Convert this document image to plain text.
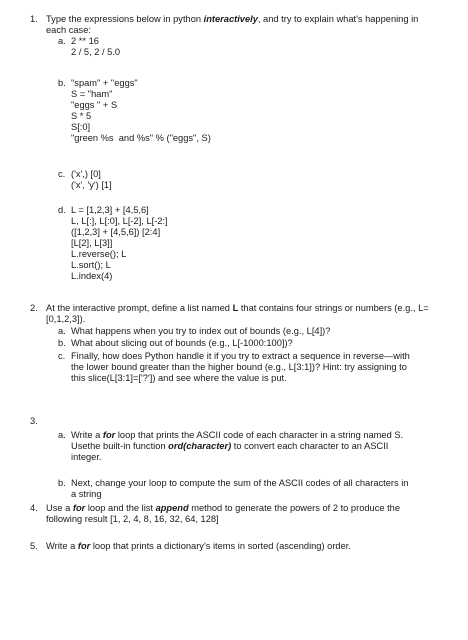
1. Type the expressions below in python interactively, and try to explain what's happening in each case:
a. 2 ** 16
2 / 5, 2 / 5.0
b. "spam" + "eggs"
S = "ham"
"eggs " + S
S * 5
S[:0]
"green %s  and %s" % ("eggs", S)
c. ('x',) [0]
('x', 'y') [1]
d. L = [1,2,3] + [4,5,6]
L, L[:], L[:0], L[-2], L[-2:]
([1,2,3] + [4,5,6]) [2:4]
[L[2], L[3]]
L.reverse(); L
L.sort(); L
L.index(4)
2. At the interactive prompt, define a list named L that contains four strings or numbers (e.g., L=[0,1,2,3]).
a. What happens when you try to index out of bounds (e.g., L[4])?
b. What about slicing out of bounds (e.g., L[-1000:100])?
c. Finally, how does Python handle it if you try to extract a sequence in reverse—with the lower bound greater than the higher bound (e.g., L[3:1])? Hint: try assigning to this slice(L[3:1]=['?']) and see where the value is put.
3.
a. Write a for loop that prints the ASCII code of each character in a string named S. Usethe built-in function ord(character) to convert each character to an ASCII integer.
b. Next, change your loop to compute the sum of the ASCII codes of all characters in a string
4. Use a for loop and the list append method to generate the powers of 2 to produce the following result [1, 2, 4, 8, 16, 32, 64, 128]
5. Write a for loop that prints a dictionary's items in sorted (ascending) order.
